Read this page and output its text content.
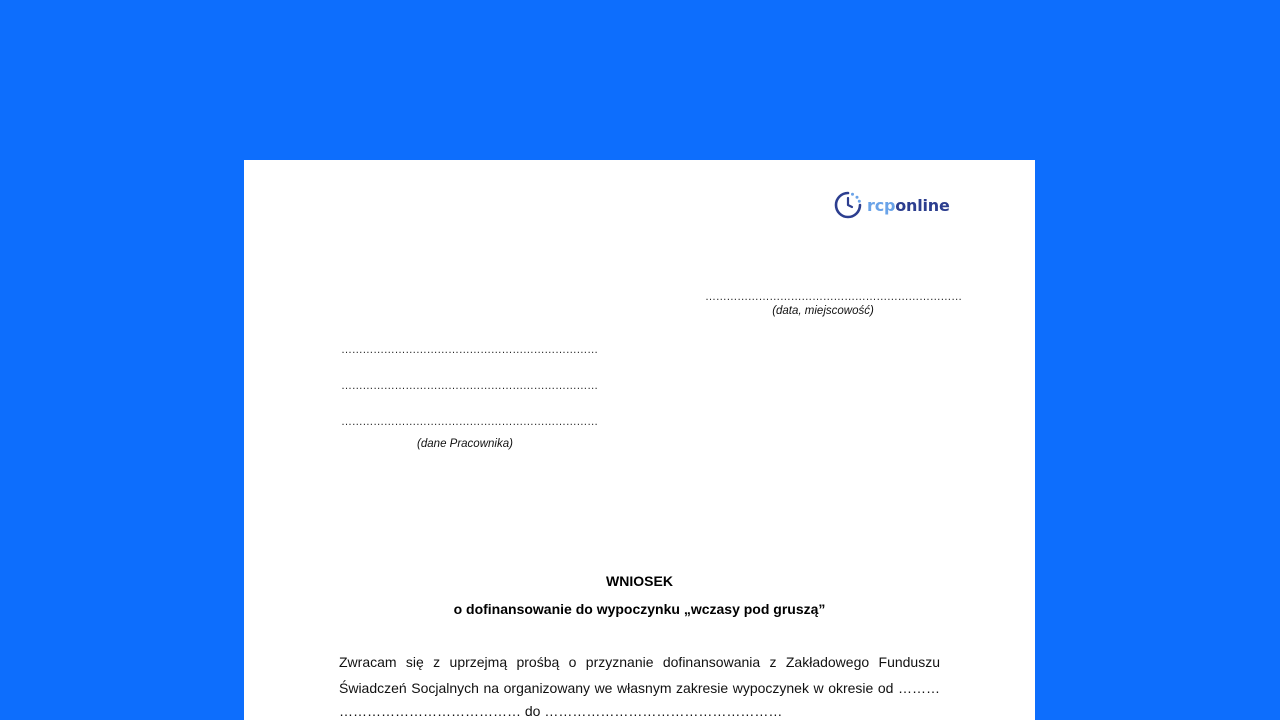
rcponline
………………………………………………………………
(data, miejscowość)
………………………………………………………………
………………………………………………………………
………………………………………………………………
(dane Pracownika)
WNIOSEK
o dofinansowanie do wypoczynku „wczasy pod gruszą”
Zwracam się z uprzejmą prośbą o przyznanie dofinansowania z Zakładowego Funduszu Świadczeń Socjalnych na organizowany we własnym zakresie wypoczynek w okresie od ………
………………………………… do ……………………………………………
